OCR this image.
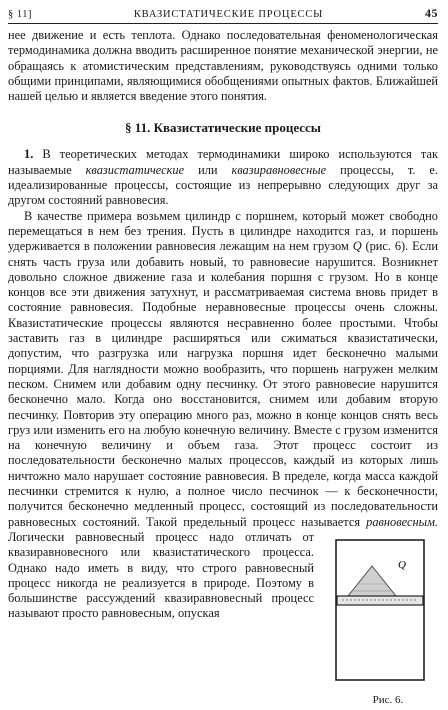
§ 11]	КВАЗИСТАТИЧЕСКИЕ ПРОЦЕССЫ	45

нее движение и есть теплота. Однако последовательная феноменологическая термодинамика должна вводить расширенное понятие механической энергии, не обращаясь к атомистическим представлениям, руководствуясь одними только общими принципами, являющимися обобщениями опытных фактов. Ближайшей нашей целью и является введение этого понятия.

§ 11. Квазистатические процессы

1. В теоретических методах термодинамики широко используются так называемые квазистатические или квазиравновесные процессы, т. е. идеализированные процессы, состоящие из непрерывно следующих друг за другом состояний равновесия.

В качестве примера возьмем цилиндр с поршнем, который может свободно перемещаться в нем без трения. Пусть в цилиндре находится газ, и поршень удерживается в положении равновесия лежащим на нем грузом Q (рис. 6). Если снять часть груза или добавить новый, то равновесие нарушится. Возникнет довольно сложное движение газа и колебания поршня с грузом. Но в конце концов все эти движения затухнут, и рассматриваемая система вновь придет в состояние равновесия. Подобные неравновесные процессы очень сложны. Квазистатические процессы являются несравненно более простыми. Чтобы заставить газ в цилиндре расширяться или сжиматься квазистатически, допустим, что разгрузка или нагрузка поршня идет бесконечно малыми порциями. Для наглядности можно вообразить, что поршень нагружен мелким песком. Снимем или добавим одну песчинку. От этого равновесие нарушится бесконечно мало. Когда оно восстановится, снимем или добавим вторую песчинку. Повторив эту операцию много раз, можно в конце концов снять весь груз или изменить его на любую конечную величину. Вместе с грузом изменится на конечную величину и объем газа. Этот процесс состоит из последовательности бесконечно малых процессов, каждый из которых лишь ничтожно мало нарушает состояние равновесия. В пределе, когда масса каждой песчинки стремится к нулю, а полное число песчинок — к бесконечности, получится бесконечно медленный процесс, состоящий из последовательности равновесных состояний. Такой предельный процесс называется
Q
Рис. 6.
равновесным. Логически равновесный процесс надо отличать от квазиравновесного или квазистатического процесса. Однако надо иметь в виду, что строго равновесный процесс никогда не реализуется в природе. Поэтому в большинстве рассуждений квазиравновесный процесс называют просто равновесным, опуская
